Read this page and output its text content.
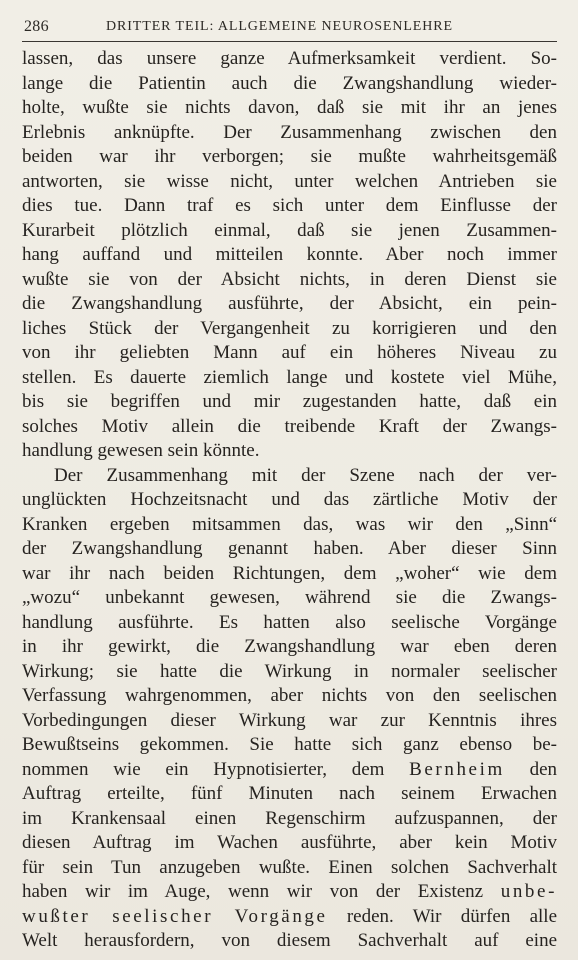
286	DRITTER TEIL: ALLGEMEINE NEUROSENLEHRE
lassen, das unsere ganze Aufmerksamkeit verdient. So-
lange die Patientin auch die Zwangshandlung wieder-
holte, wußte sie nichts davon, daß sie mit ihr an jenes
Erlebnis anknüpfte. Der Zusammenhang zwischen den
beiden war ihr verborgen; sie mußte wahrheitsgemäß
antworten, sie wisse nicht, unter welchen Antrieben sie
dies tue. Dann traf es sich unter dem Einflusse der
Kurarbeit plötzlich einmal, daß sie jenen Zusammen-
hang auffand und mitteilen konnte. Aber noch immer
wußte sie von der Absicht nichts, in deren Dienst sie
die Zwangshandlung ausführte, der Absicht, ein pein-
liches Stück der Vergangenheit zu korrigieren und den
von ihr geliebten Mann auf ein höheres Niveau zu
stellen. Es dauerte ziemlich lange und kostete viel Mühe,
bis sie begriffen und mir zugestanden hatte, daß ein
solches Motiv allein die treibende Kraft der Zwangs-
handlung gewesen sein könnte.
Der Zusammenhang mit der Szene nach der ver-
unglückten Hochzeitsnacht und das zärtliche Motiv der
Kranken ergeben mitsammen das, was wir den „Sinn“
der Zwangshandlung genannt haben. Aber dieser Sinn
war ihr nach beiden Richtungen, dem „woher“ wie dem
„wozu“ unbekannt gewesen, während sie die Zwangs-
handlung ausführte. Es hatten also seelische Vorgänge
in ihr gewirkt, die Zwangshandlung war eben deren
Wirkung; sie hatte die Wirkung in normaler seelischer
Verfassung wahrgenommen, aber nichts von den seelischen
Vorbedingungen dieser Wirkung war zur Kenntnis ihres
Bewußtseins gekommen. Sie hatte sich ganz ebenso be-
nommen wie ein Hypnotisierter, dem Bernheim den
Auftrag erteilte, fünf Minuten nach seinem Erwachen
im Krankensaal einen Regenschirm aufzuspannen, der
diesen Auftrag im Wachen ausführte, aber kein Motiv
für sein Tun anzugeben wußte. Einen solchen Sachverhalt
haben wir im Auge, wenn wir von der Existenz unbe-
wußter seelischer Vorgänge reden. Wir dürfen alle
Welt herausfordern, von diesem Sachverhalt auf eine
